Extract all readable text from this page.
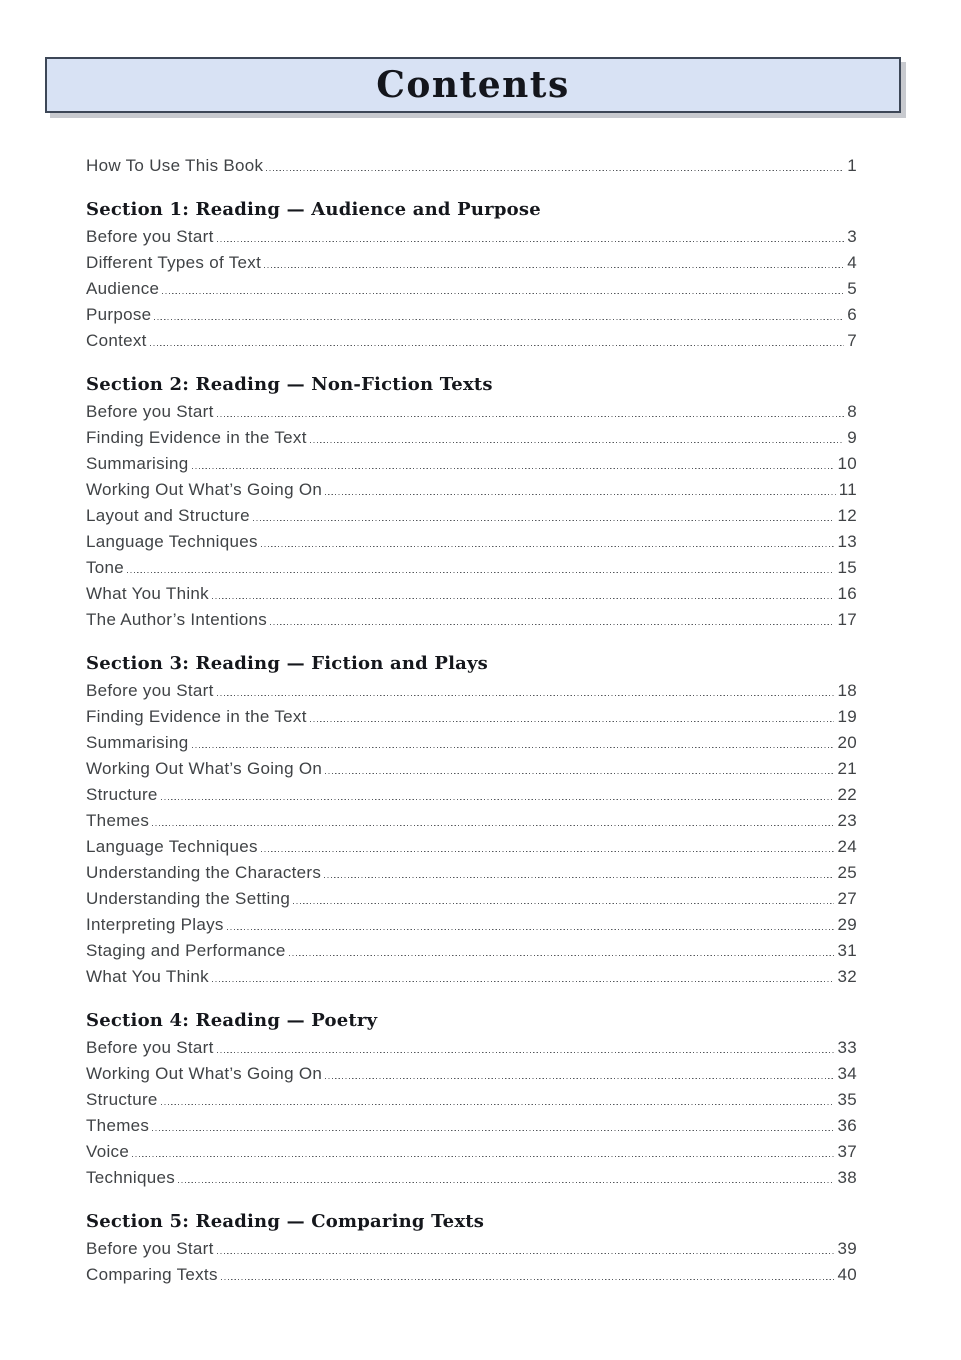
Contents
How To Use This Book	1
Section 1: Reading — Audience and Purpose
Before you Start	3
Different Types of Text	4
Audience	5
Purpose	6
Context	7
Section 2: Reading — Non-Fiction Texts
Before you Start	8
Finding Evidence in the Text	9
Summarising	10
Working Out What’s Going On	11
Layout and Structure	12
Language Techniques	13
Tone	15
What You Think	16
The Author’s Intentions	17
Section 3: Reading — Fiction and Plays
Before you Start	18
Finding Evidence in the Text	19
Summarising	20
Working Out What’s Going On	21
Structure	22
Themes	23
Language Techniques	24
Understanding the Characters	25
Understanding the Setting	27
Interpreting Plays	29
Staging and Performance	31
What You Think	32
Section 4: Reading — Poetry
Before you Start	33
Working Out What’s Going On	34
Structure	35
Themes	36
Voice	37
Techniques	38
Section 5: Reading — Comparing Texts
Before you Start	39
Comparing Texts	40
